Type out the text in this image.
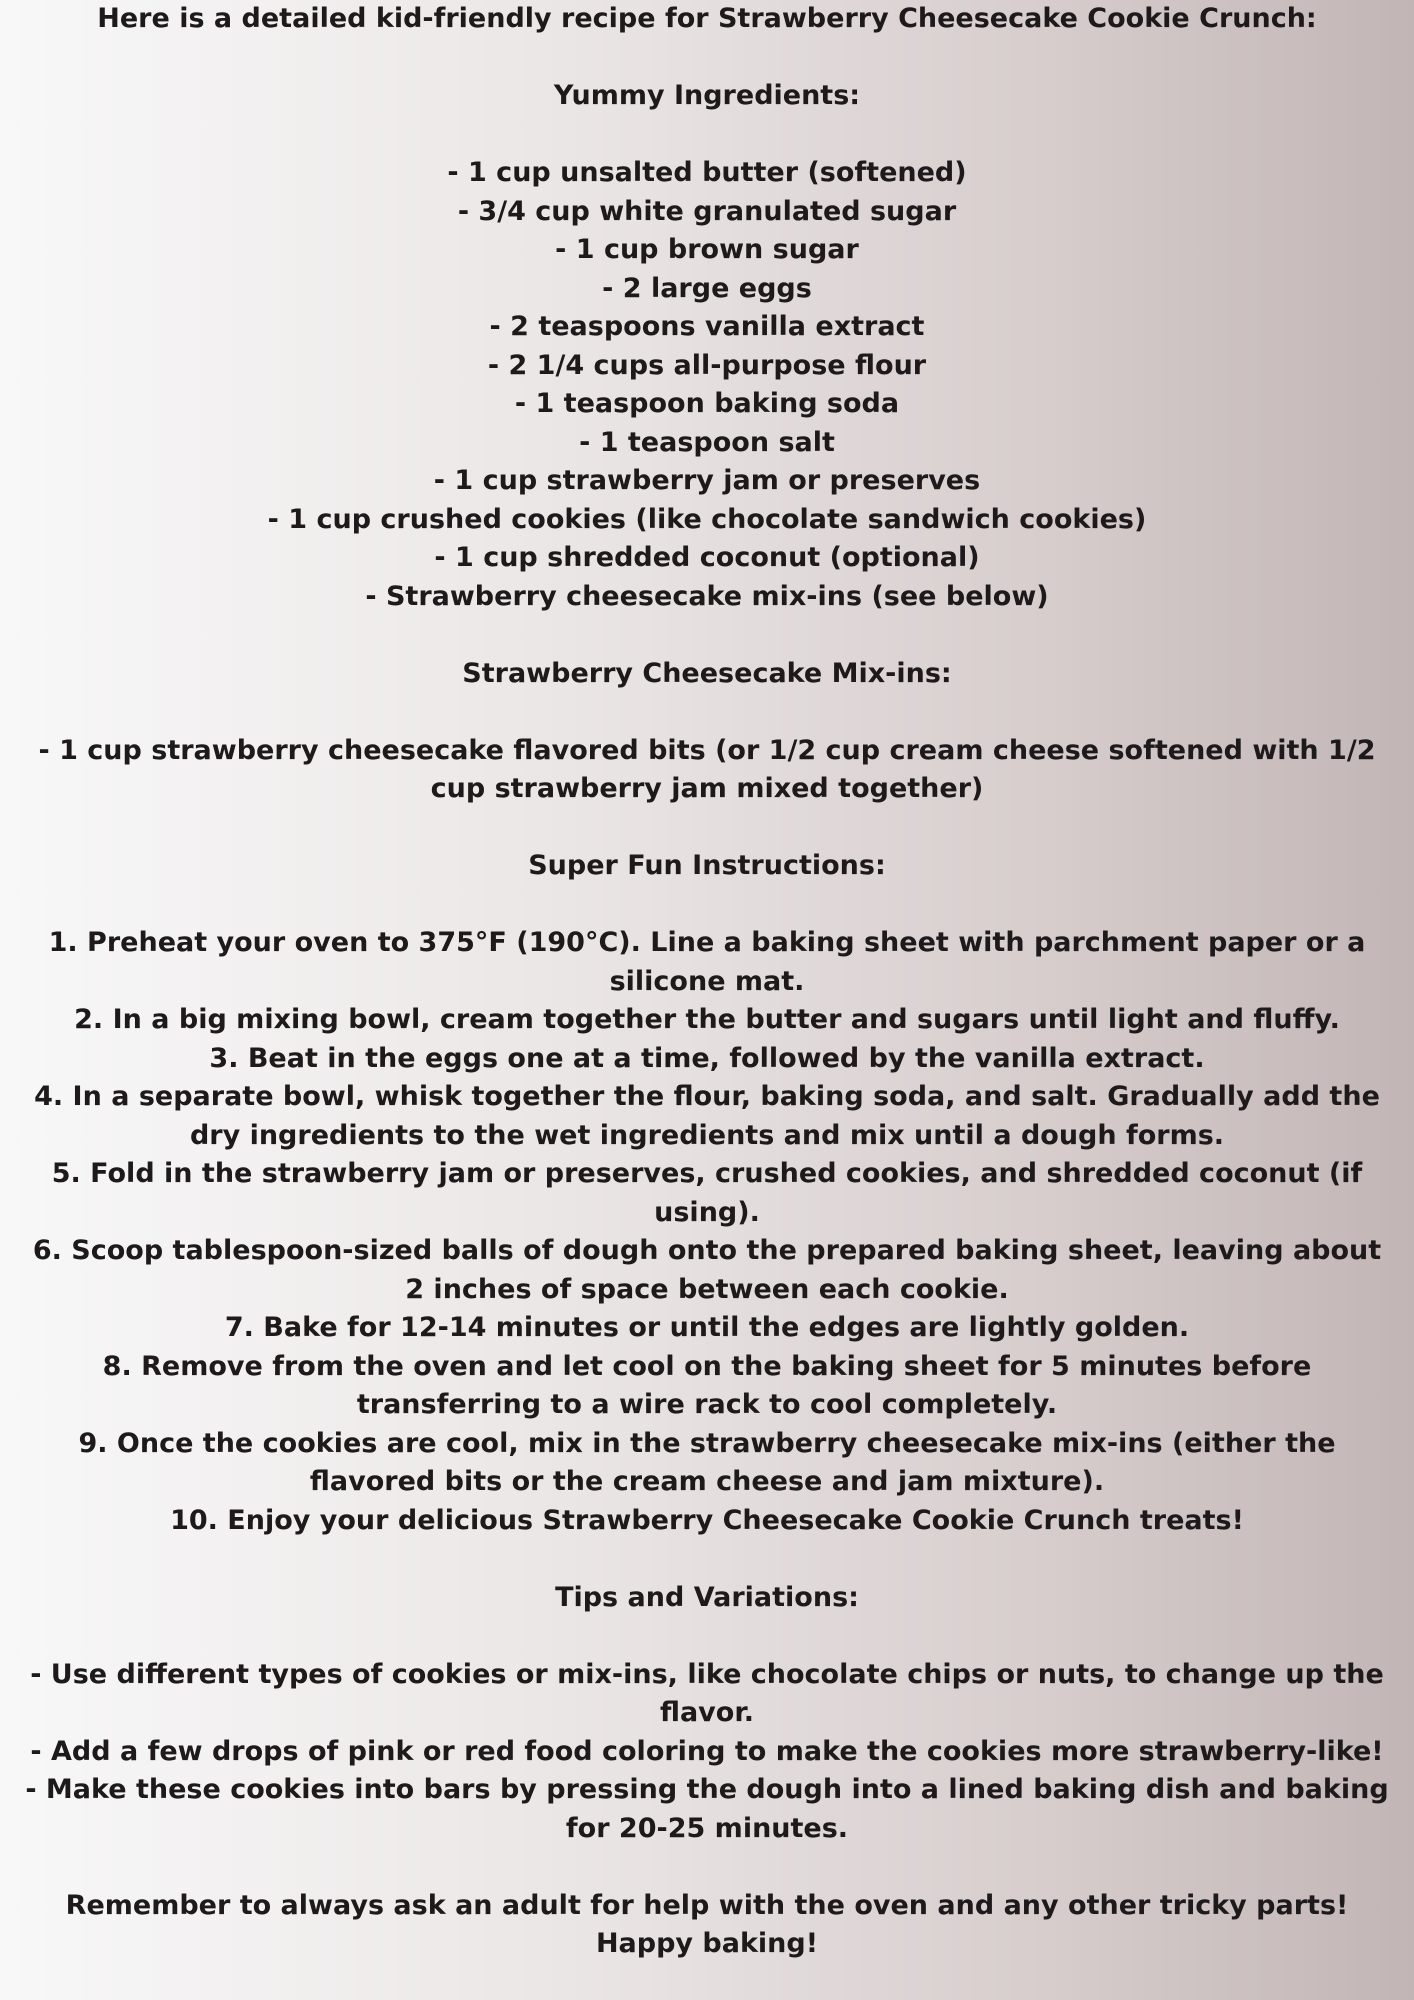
Here is a detailed kid-friendly recipe for Strawberry Cheesecake Cookie Crunch:
Yummy Ingredients:
- 1 cup unsalted butter (softened)
- 3/4 cup white granulated sugar
- 1 cup brown sugar
- 2 large eggs
- 2 teaspoons vanilla extract
- 2 1/4 cups all-purpose flour
- 1 teaspoon baking soda
- 1 teaspoon salt
- 1 cup strawberry jam or preserves
- 1 cup crushed cookies (like chocolate sandwich cookies)
- 1 cup shredded coconut (optional)
- Strawberry cheesecake mix-ins (see below)
Strawberry Cheesecake Mix-ins:
- 1 cup strawberry cheesecake flavored bits (or 1/2 cup cream cheese softened with 1/2 cup strawberry jam mixed together)
Super Fun Instructions:
1. Preheat your oven to 375°F (190°C). Line a baking sheet with parchment paper or a silicone mat.
2. In a big mixing bowl, cream together the butter and sugars until light and fluffy.
3. Beat in the eggs one at a time, followed by the vanilla extract.
4. In a separate bowl, whisk together the flour, baking soda, and salt. Gradually add the dry ingredients to the wet ingredients and mix until a dough forms.
5. Fold in the strawberry jam or preserves, crushed cookies, and shredded coconut (if using).
6. Scoop tablespoon-sized balls of dough onto the prepared baking sheet, leaving about 2 inches of space between each cookie.
7. Bake for 12-14 minutes or until the edges are lightly golden.
8. Remove from the oven and let cool on the baking sheet for 5 minutes before transferring to a wire rack to cool completely.
9. Once the cookies are cool, mix in the strawberry cheesecake mix-ins (either the flavored bits or the cream cheese and jam mixture).
10. Enjoy your delicious Strawberry Cheesecake Cookie Crunch treats!
Tips and Variations:
- Use different types of cookies or mix-ins, like chocolate chips or nuts, to change up the flavor.
- Add a few drops of pink or red food coloring to make the cookies more strawberry-like!
- Make these cookies into bars by pressing the dough into a lined baking dish and baking for 20-25 minutes.
Remember to always ask an adult for help with the oven and any other tricky parts! Happy baking!
